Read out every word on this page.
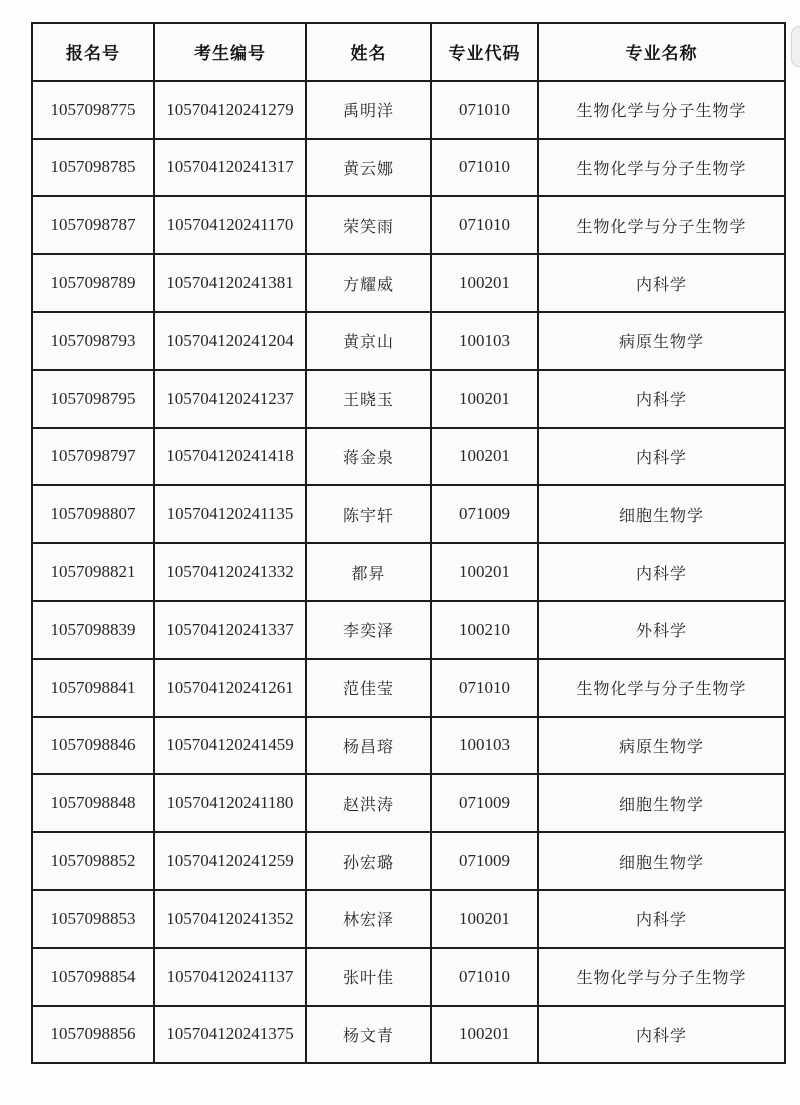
报名号	考生编号	姓名	专业代码	专业名称
1057098775	105704120241279	禹明洋	071010	生物化学与分子生物学
1057098785	105704120241317	黄云娜	071010	生物化学与分子生物学
1057098787	105704120241170	荣笑雨	071010	生物化学与分子生物学
1057098789	105704120241381	方耀威	100201	内科学
1057098793	105704120241204	黄京山	100103	病原生物学
1057098795	105704120241237	王晓玉	100201	内科学
1057098797	105704120241418	蒋金泉	100201	内科学
1057098807	105704120241135	陈宇轩	071009	细胞生物学
1057098821	105704120241332	都昇	100201	内科学
1057098839	105704120241337	李奕泽	100210	外科学
1057098841	105704120241261	范佳莹	071010	生物化学与分子生物学
1057098846	105704120241459	杨昌瑢	100103	病原生物学
1057098848	105704120241180	赵洪涛	071009	细胞生物学
1057098852	105704120241259	孙宏璐	071009	细胞生物学
1057098853	105704120241352	林宏泽	100201	内科学
1057098854	105704120241137	张叶佳	071010	生物化学与分子生物学
1057098856	105704120241375	杨文青	100201	内科学
